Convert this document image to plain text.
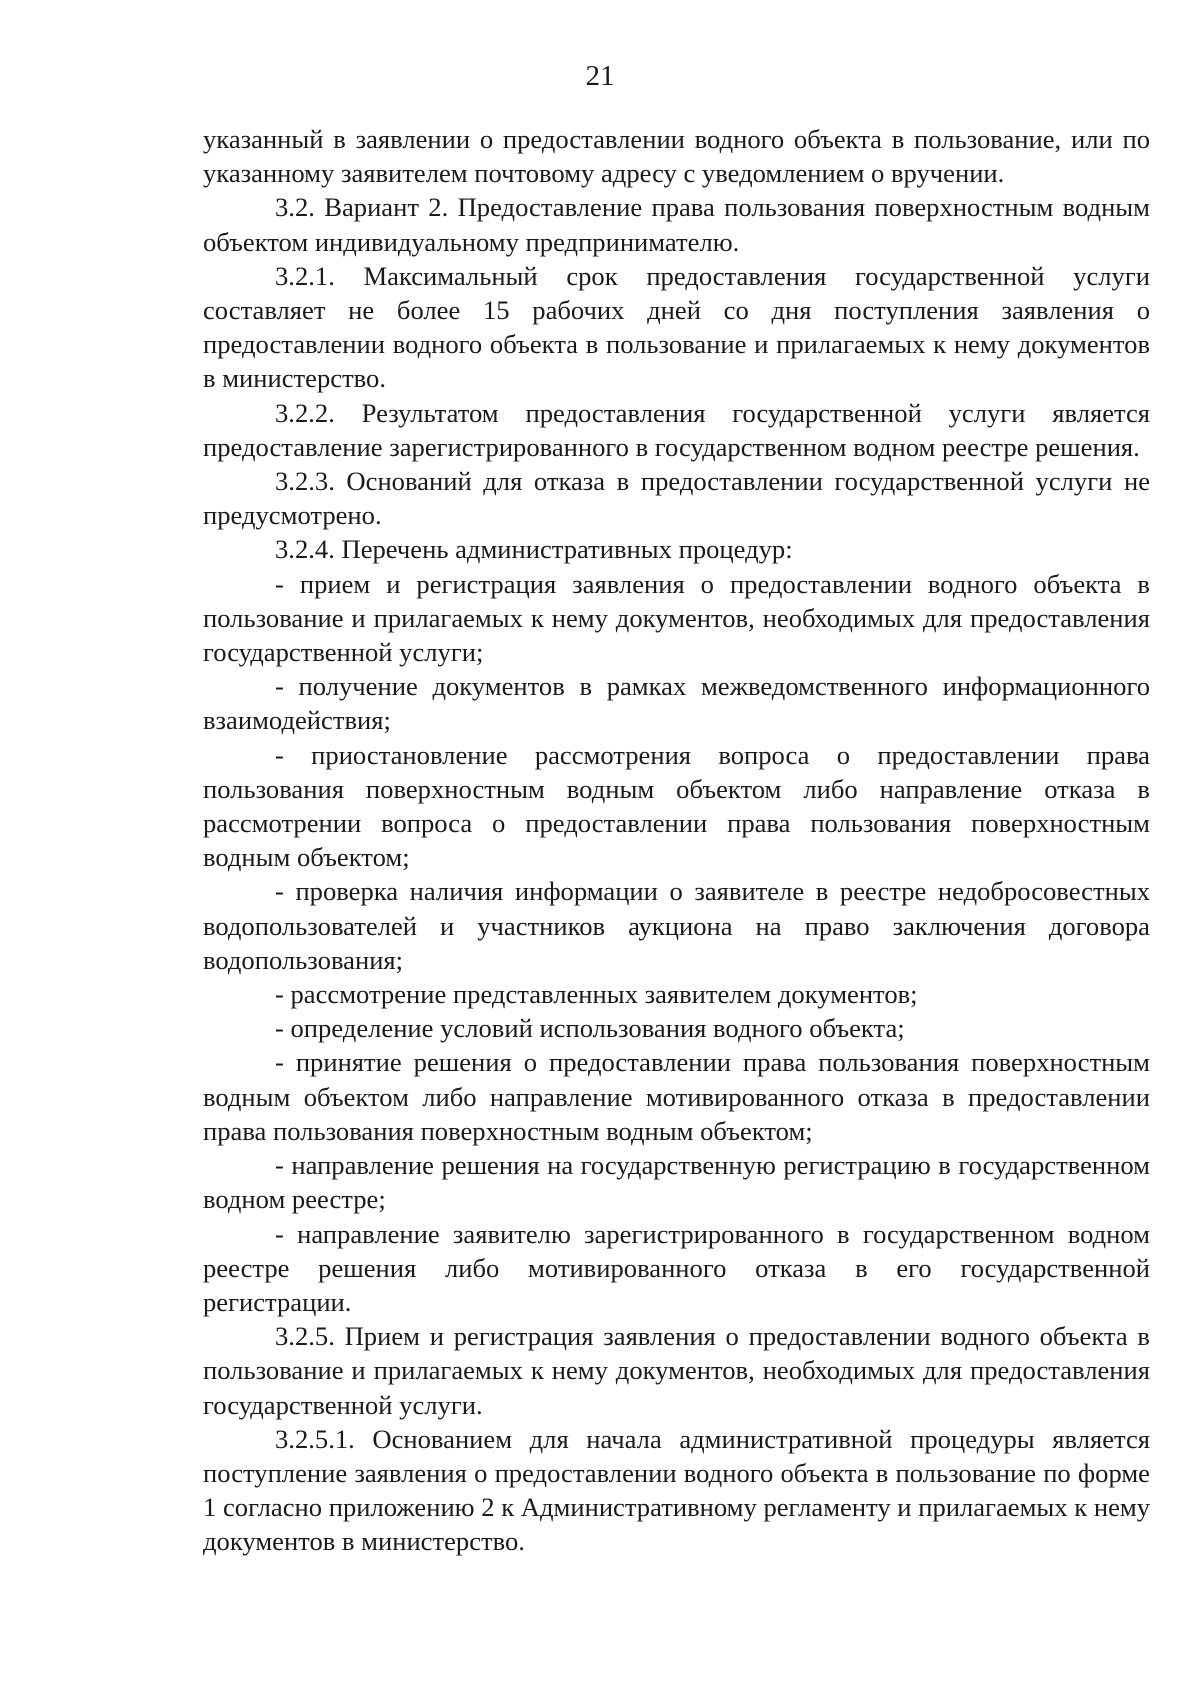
21

указанный в заявлении о предоставлении водного объекта в пользование, или по указанному заявителем почтовому адресу с уведомлением о вручении.

3.2. Вариант 2. Предоставление права пользования поверхностным водным объектом индивидуальному предпринимателю.

3.2.1. Максимальный срок предоставления государственной услуги составляет не более 15 рабочих дней со дня поступления заявления о предоставлении водного объекта в пользование и прилагаемых к нему документов в министерство.

3.2.2. Результатом предоставления государственной услуги является предоставление зарегистрированного в государственном водном реестре решения.

3.2.3. Оснований для отказа в предоставлении государственной услуги не предусмотрено.

3.2.4. Перечень административных процедур:

- прием и регистрация заявления о предоставлении водного объекта в пользование и прилагаемых к нему документов, необходимых для предоставления государственной услуги;

- получение документов в рамках межведомственного информационного взаимодействия;

- приостановление рассмотрения вопроса о предоставлении права пользования поверхностным водным объектом либо направление отказа в рассмотрении вопроса о предоставлении права пользования поверхностным водным объектом;

- проверка наличия информации о заявителе в реестре недобросовестных водопользователей и участников аукциона на право заключения договора водопользования;

- рассмотрение представленных заявителем документов;

- определение условий использования водного объекта;

- принятие решения о предоставлении права пользования поверхностным водным объектом либо направление мотивированного отказа в предоставлении права пользования поверхностным водным объектом;

- направление решения на государственную регистрацию в государственном водном реестре;

- направление заявителю зарегистрированного в государственном водном реестре решения либо мотивированного отказа в его государственной регистрации.

3.2.5. Прием и регистрация заявления о предоставлении водного объекта в пользование и прилагаемых к нему документов, необходимых для предоставления государственной услуги.

3.2.5.1. Основанием для начала административной процедуры является поступление заявления о предоставлении водного объекта в пользование по форме 1 согласно приложению 2 к Административному регламенту и прилагаемых к нему документов в министерство.
